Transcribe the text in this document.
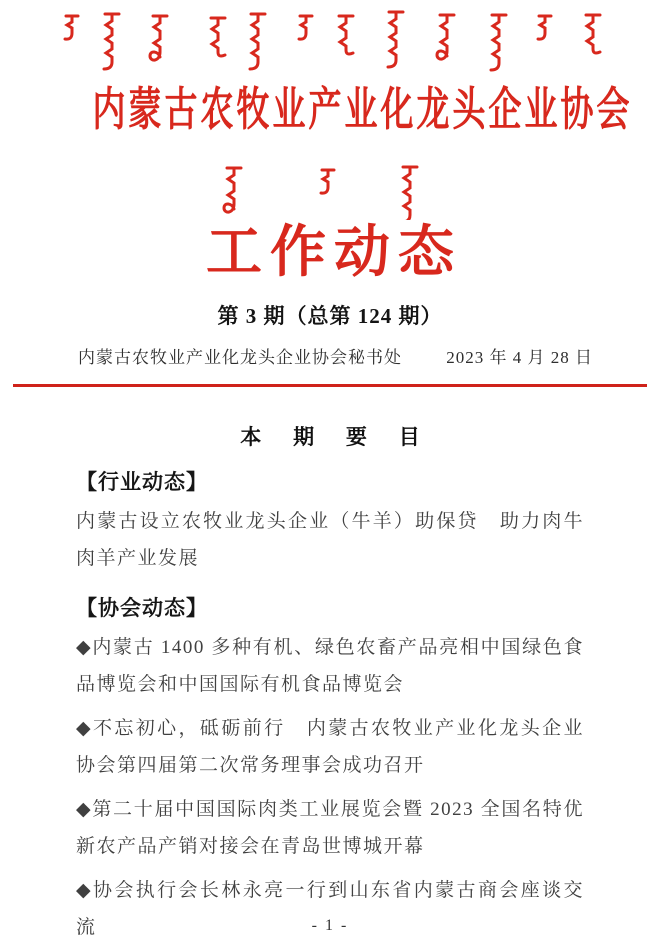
内蒙古农牧业产业化龙头企业协会
工作动态
第 3 期（总第 124 期）
内蒙古农牧业产业化龙头企业协会秘书处	2023 年 4 月 28 日
本 期 要 目
【行业动态】

内蒙古设立农牧业龙头企业（牛羊）助保贷　助力肉牛肉羊产业发展

【协会动态】

◆内蒙古 1400 多种有机、绿色农畜产品亮相中国绿色食品博览会和中国国际有机食品博览会

◆不忘初心，砥砺前行　内蒙古农牧业产业化龙头企业协会第四届第二次常务理事会成功召开

◆第二十届中国国际肉类工业展览会暨 2023 全国名特优新农产品产销对接会在青岛世博城开幕

◆协会执行会长林永亮一行到山东省内蒙古商会座谈交流	- 1 -
